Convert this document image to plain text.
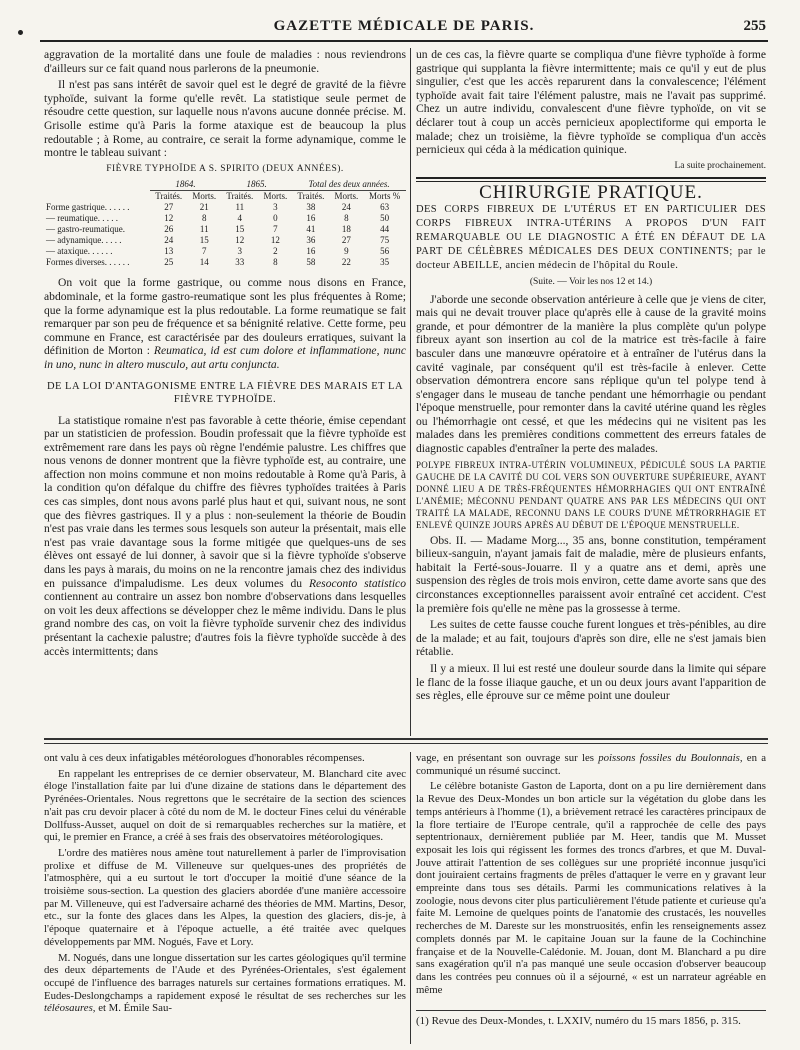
GAZETTE MÉDICALE DE PARIS.	255

aggravation de la mortalité dans une foule de maladies : nous reviendrons d'ailleurs sur ce fait quand nous parlerons de la pneumonie.

Il n'est pas sans intérêt de savoir quel est le degré de gravité de la fièvre typhoïde, suivant la forme qu'elle revêt. La statistique seule permet de résoudre cette question, sur laquelle nous n'avons aucune donnée précise. M. Grisolle estime qu'à Paris la forme ataxique est de beaucoup la plus redoutable ; à Rome, au contraire, ce serait la forme adynamique, comme le montre le tableau suivant :

FIÈVRE TYPHOÏDE A S. SPIRITO (DEUX ANNÉES).

	1864.		1865.		Total des deux années.		
	Traités.	Morts.	Traités.	Morts.	Traités.	Morts.	Morts %
Forme gastrique. . . . . .	27	21	11	3	38	24	63
— reumatique. . . . .	12	8	4	0	16	8	50
— gastro-reumatique.	26	11	15	7	41	18	44
— adynamique. . . . .	24	15	12	12	36	27	75
— ataxique. . . . . .	13	7	3	2	16	9	56
Formes diverses. . . . . .	25	14	33	8	58	22	35

On voit que la forme gastrique, ou comme nous disons en France, abdominale, et la forme gastro-reumatique sont les plus fréquentes à Rome; que la forme adynamique est la plus redoutable. La forme reumatique se fait remarquer par son peu de fréquence et sa bénignité relative. Cette forme, peu commune en France, est caractérisée par des douleurs erratiques, suivant la définition de Morton : Reumatica, id est cum dolore et inflammatione, nunc in uno, nunc in altero musculo, aut artu conjuncta.

DE LA LOI D'ANTAGONISME ENTRE LA FIÈVRE DES MARAIS ET LA FIÈVRE TYPHOÏDE.

La statistique romaine n'est pas favorable à cette théorie, émise cependant par un statisticien de profession. Boudin professait que la fièvre typhoïde est extrêmement rare dans les pays où règne l'endémie palustre. Les chiffres que nous venons de donner montrent que la fièvre typhoïde est, au contraire, une affection non moins commune et non moins redoutable à Rome qu'à Paris, à la condition qu'on défalque du chiffre des fièvres typhoïdes traitées à Paris ces cas simples, dont nous avons parlé plus haut et qui, suivant nous, ne sont que des fièvres gastriques. Il y a plus : non-seulement la théorie de Boudin n'est pas vraie dans les termes sous lesquels son auteur la présentait, mais elle n'est pas vraie davantage sous la forme mitigée que quelques-uns de ses élèves ont essayé de lui donner, à savoir que si la fièvre typhoïde s'observe dans les pays à marais, du moins on ne la rencontre jamais chez des individus en puissance d'impaludisme. Les deux volumes du Resoconto statistico contiennent au contraire un assez bon nombre d'observations dans lesquelles on voit les deux affections se développer chez le même individu. Dans le plus grand nombre des cas, on voit la fièvre typhoïde survenir chez des individus présentant la cachexie palustre; d'autres fois la fièvre typhoïde succède à des accès intermittents; dans

un de ces cas, la fièvre quarte se compliqua d'une fièvre typhoïde à forme gastrique qui supplanta la fièvre intermittente; mais ce qu'il y eut de plus singulier, c'est que les accès reparurent dans la convalescence; l'élément typhoïde avait fait taire l'élément palustre, mais ne l'avait pas supprimé. Chez un autre individu, convalescent d'une fièvre typhoïde, on vit se déclarer tout à coup un accès pernicieux apoplectiforme qui emporta le malade; chez un troisième, la fièvre typhoïde se compliqua d'un accès pernicieux qui céda à la médication quinique.

La suite prochainement.

CHIRURGIE PRATIQUE.

DES CORPS FIBREUX DE L'UTÉRUS ET EN PARTICULIER DES CORPS FIBREUX INTRA-UTÉRINS A PROPOS D'UN FAIT REMARQUABLE OU LE DIAGNOSTIC A ÉTÉ EN DÉFAUT DE LA PART DE CÉLÈBRES MÉDICALES DES DEUX CONTINENTS; par le docteur ABEILLE, ancien médecin de l'hôpital du Roule.

(Suite. — Voir les nos 12 et 14.)

J'aborde une seconde observation antérieure à celle que je viens de citer, mais qui ne devait trouver place qu'après elle à cause de la gravité moins grande, et pour démontrer de la manière la plus complète qu'un polype fibreux ayant son insertion au col de la matrice est très-facile à faire basculer dans une manœuvre opératoire et à entraîner de l'utérus dans la cavité vaginale, par conséquent qu'il est très-facile à enlever. Cette observation démontrera encore sans réplique qu'un tel polype tend à s'engager dans le museau de tanche pendant une hémorrhagie ou pendant l'époque menstruelle, pour remonter dans la cavité utérine quand les règles ou l'hémorrhagie ont cessé, et que les médecins qui ne visitent pas les malades dans les premières conditions commettent des erreurs fatales de diagnostic capables d'entraîner la perte des malades.

POLYPE FIBREUX INTRA-UTÉRIN VOLUMINEUX, PÉDICULÉ SOUS LA PARTIE GAUCHE DE LA CAVITÉ DU COL VERS SON OUVERTURE SUPÉRIEURE, AYANT DONNÉ LIEU A DE TRÈS-FRÉQUENTES HÉMORRHAGIES QUI ONT ENTRAÎNÉ L'ANÉMIE; MÉCONNU PENDANT QUATRE ANS PAR LES MÉDECINS QUI ONT TRAITÉ LA MALADE, RECONNU DANS LE COURS D'UNE MÉTRORRHAGIE ET ENLEVÉ QUINZE JOURS APRÈS AU DÉBUT DE L'ÉPOQUE MENSTRUELLE.

Obs. II. — Madame Morg..., 35 ans, bonne constitution, tempérament bilieux-sanguin, n'ayant jamais fait de maladie, mère de plusieurs enfants, habitait la Ferté-sous-Jouarre. Il y a quatre ans et demi, après une suspension des règles de trois mois environ, cette dame avorte sans que des circonstances exceptionnelles paraissent avoir entraîné cet accident. C'est la première fois qu'elle ne mène pas la grossesse à terme.

Les suites de cette fausse couche furent longues et très-pénibles, au dire de la malade; et au fait, toujours d'après son dire, elle ne s'est jamais bien rétablie.

Il y a mieux. Il lui est resté une douleur sourde dans la limite qui sépare le flanc de la fosse iliaque gauche, et un ou deux jours avant l'apparition de ses règles, elle éprouve sur ce même point une douleur

ont valu à ces deux infatigables météorologues d'honorables récompenses.

En rappelant les entreprises de ce dernier observateur, M. Blanchard cite avec éloge l'installation faite par lui d'une dizaine de stations dans le département des Pyrénées-Orientales. Nous regrettons que le secrétaire de la section des sciences n'ait pas cru devoir placer à côté du nom de M. le docteur Fines celui du vénérable Dollfuss-Ausset, auquel on doit de si remarquables recherches sur la matière, et qui, le premier en France, a créé à ses frais des observatoires météorologiques.

L'ordre des matières nous amène tout naturellement à parler de l'improvisation prolixe et diffuse de M. Villeneuve sur quelques-unes des propriétés de l'atmosphère, qui a eu surtout le tort d'occuper la moitié d'une séance de la troisième sous-section. La question des glaciers abordée d'une manière accessoire par M. Villeneuve, qui est l'adversaire acharné des théories de MM. Martins, Desor, etc., sur la fonte des glaces dans les Alpes, la question des glaciers, dis-je, à l'époque quaternaire et à l'époque actuelle, a été traitée avec quelques développements par MM. Nogués, Fave et Lory.

M. Nogués, dans une longue dissertation sur les cartes géologiques qu'il termine des deux départements de l'Aude et des Pyrénées-Orientales, s'est également occupé de l'influence des barrages naturels sur certaines formations erratiques. M. Eudes-Deslongchamps a rapidement exposé le résultat de ses recherches sur les téléosaures, et M. Émile Sau-

vage, en présentant son ouvrage sur les poissons fossiles du Boulonnais, en a communiqué un résumé succinct.

Le célèbre botaniste Gaston de Laporta, dont on a pu lire dernièrement dans la Revue des Deux-Mondes un bon article sur la végétation du globe dans les temps antérieurs à l'homme (1), a brièvement retracé les caractères principaux de la flore tertiaire de l'Europe centrale, qu'il a rapprochée de celle des pays septentrionaux, dernièrement publiée par M. Heer, tandis que M. Musset exposait les lois qui régissent les formes des troncs d'arbres, et que M. Duval-Jouve attirait l'attention de ses collègues sur une propriété inconnue jusqu'ici dont jouiraient certains fragments de prêles d'attaquer le verre en y gravant leur empreinte dans tous ses détails. Parmi les communications relatives à la zoologie, nous devons citer plus particulièrement l'étude patiente et curieuse qu'a faite M. Lemoine de quelques points de l'anatomie des crustacés, les nouvelles recherches de M. Dareste sur les monstruosités, enfin les renseignements assez complets donnés par M. le capitaine Jouan sur la faune de la Cochinchine française et de la Nouvelle-Calédonie. M. Jouan, dont M. Blanchard a pu dire sans exagération qu'il n'a pas manqué une seule occasion d'observer beaucoup dans les contrées peu connues où il a séjourné, « est un narrateur agréable en même

(1) Revue des Deux-Mondes, t. LXXIV, numéro du 15 mars 1856, p. 315.
